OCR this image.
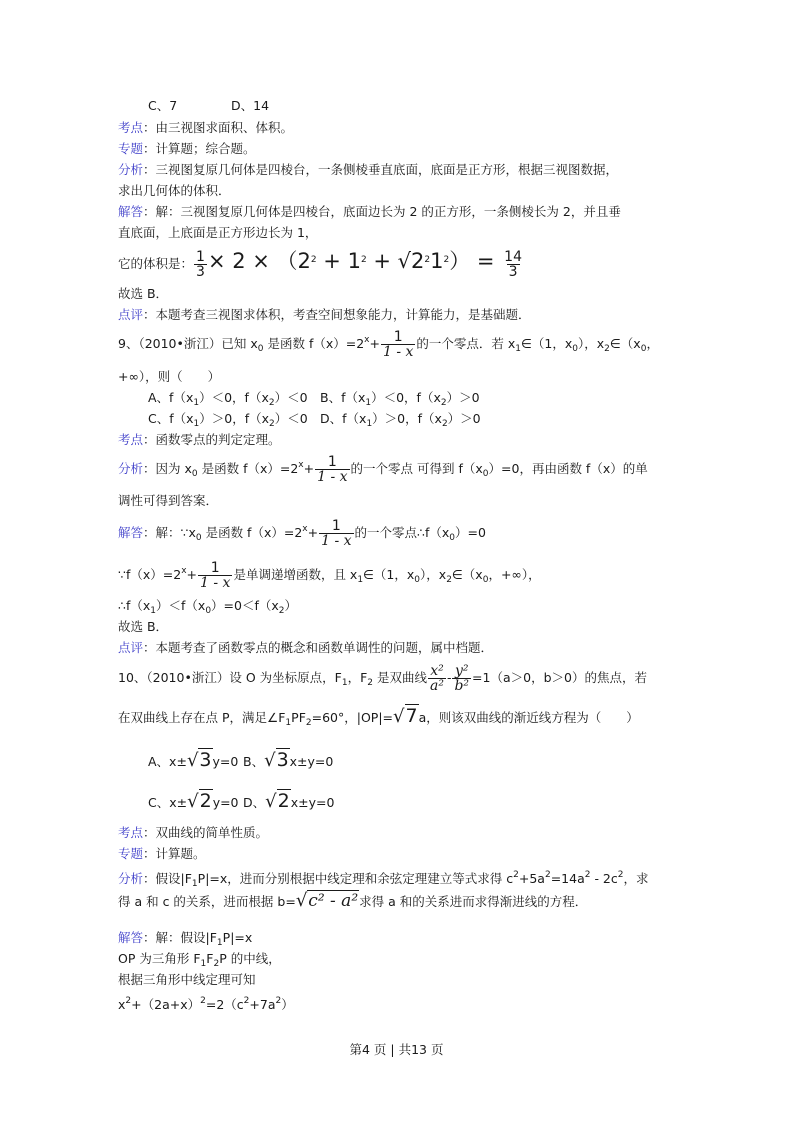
C、7	D、14
考点：由三视图求面积、体积。
专题：计算题；综合题。
分析：三视图复原几何体是四棱台，一条侧棱垂直底面，底面是正方形，根据三视图数据，
求出几何体的体积．
解答：解：三视图复原几何体是四棱台，底面边长为 2 的正方形，一条侧棱长为 2，并且垂
直底面，上底面是正方形边长为 1，
它的体积是： $\frac{1}{3} \times 2 \times (2^2 + 1^2 + √2^21^2) = \frac{14}{3}$
故选 B．
点评：本题考查三视图求体积，考查空间想象能力，计算能力，是基础题．
9、（2010•浙江）已知 $x_0$ 是函数 $f(x)=2^x+ \frac{1}{1 - x}$ 的一个零点．若 $x_1\in(1$，$x_0$），$x_2\in(x_0$，
+∞），则（　　）
A、$f(x_1)<0$，$f(x_2)<0$ B、$f(x_1)<0$，$f(x_2)>0$
C、$f(x_1)>0$，$f(x_2)<0$ D、$f(x_1)>0$，$f(x_2)>0$
考点：函数零点的判定定理。
分析：因为 $x_0$ 是函数 $f(x)=2^x+ \frac{1}{1 - x}$ 的一个零点 可得到 $f(x_0)=0$，再由函数 f（x）的单
调性可得到答案．
解答：解：$\because x_0$ 是函数 $f(x)=2^x+ \frac{1}{1 - x}$ 的一个零点$\therefore f(x_0)=0$
$\because f(x)=2^x+ \frac{1}{1 - x}$ 是单调递增函数，且 $x_1\in(1$，$x_0$），$x_2\in(x_0$，+∞），
$\therefore f(x_1)<f(x_0)=0<f(x_2)$
故选 B．
点评：本题考查了函数零点的概念和函数单调性的问题，属中档题．
10、（2010•浙江）设 O 为坐标原点，$F_1$，$F_2$ 是双曲线 $\frac{\text{x²}}{\text{a²}} - \frac{\text{y²}}{\text{b²}} =1(a>0$，b＞0）的焦点，若
在双曲线上存在点 P，满足$\angle F_1PF_2=60^\circ$，|OP|=√7a，则该双曲线的渐近线方程为（　　）
A、x±√3y=0 B、√3x±y=0
C、x±√2y=0 D、√2x±y=0
考点：双曲线的简单性质。
专题：计算题。
分析：假设$|F_1P|=x$，进而分别根据中线定理和余弦定理建立等式求得 $c^2+5a^2=14a^2 - 2c^2$，求
得 a 和 c 的关系，进而根据 b=√c² - a²求得 a 和的关系进而求得渐进线的方程．
解答：解：假设$|F_1P|=x$
OP 为三角形 $F_1F_2P$ 的中线，
根据三角形中线定理可知
$x^2+(2a+x)^2=2(c^2+7a^2)$
第4 页 | 共13 页
